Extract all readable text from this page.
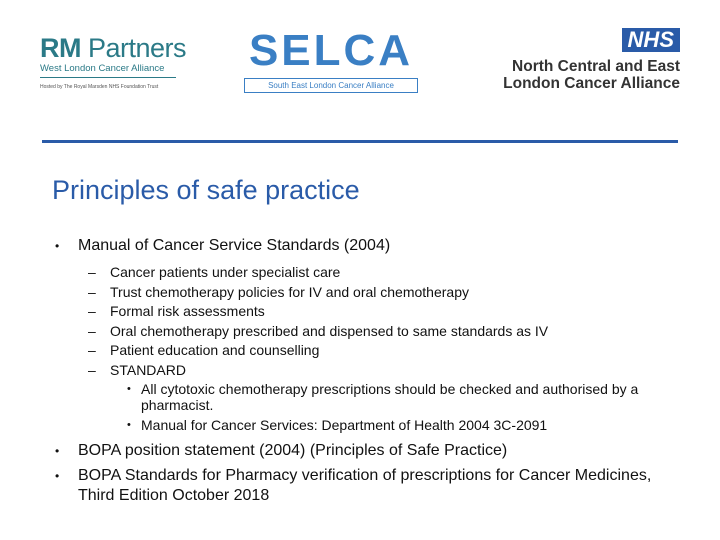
RM Partners
West London Cancer Alliance
Hosted by The Royal Marsden NHS Foundation Trust
SELCA
South East London Cancer Alliance
NHS
North Central and East
London Cancer Alliance
Principles of safe practice
• Manual of Cancer Service Standards (2004)
– Cancer patients under specialist care
– Trust chemotherapy policies for IV and oral chemotherapy
– Formal risk assessments
– Oral chemotherapy prescribed and dispensed to same standards as IV
– Patient education and counselling
– STANDARD
• All cytotoxic chemotherapy prescriptions should be checked and authorised by a pharmacist.
• Manual for Cancer Services: Department of Health 2004 3C-2091
• BOPA position statement (2004) (Principles of Safe Practice)
• BOPA Standards for Pharmacy verification of prescriptions for Cancer Medicines, Third Edition October 2018
